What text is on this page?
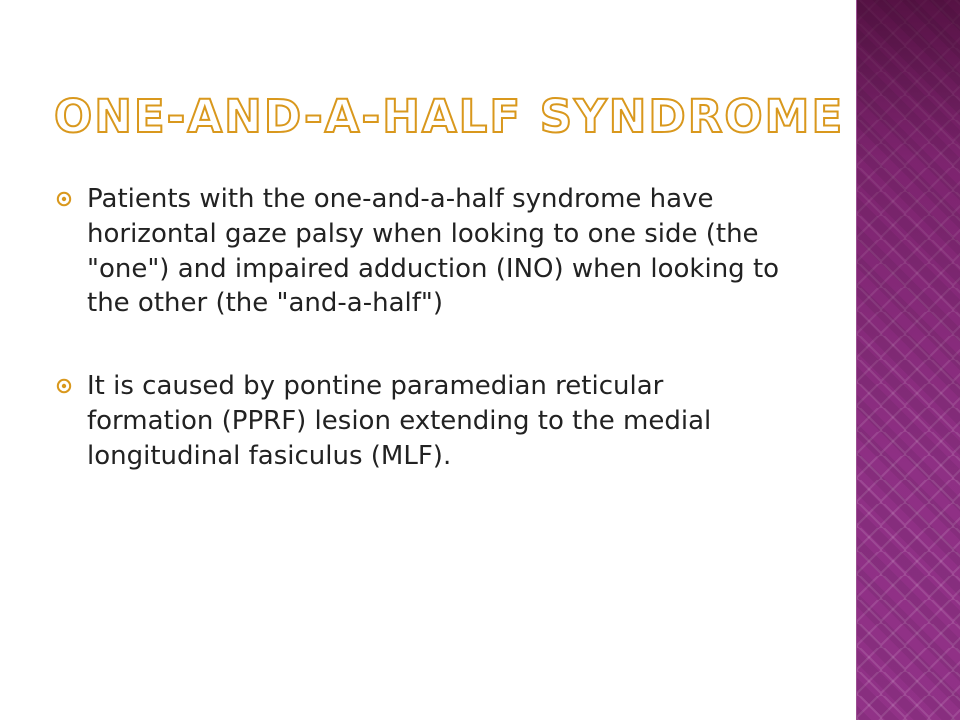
ONE-AND-A-HALF SYNDROME
Patients with the one-and-a-half syndrome have horizontal gaze palsy when looking to one side (the "one") and impaired adduction (INO) when looking to the other (the "and-a-half")
It is caused by pontine paramedian reticular formation (PPRF) lesion extending to the medial longitudinal fasiculus (MLF).
